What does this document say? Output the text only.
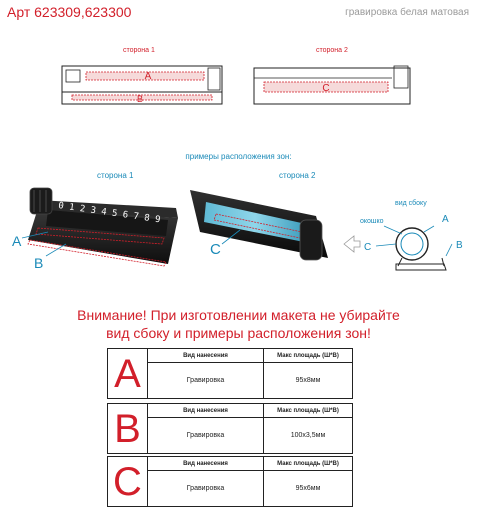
Арт 623309,623300	гравировка белая матовая
сторона 1	сторона 2
A
B
C
примеры расположения зон:
сторона 1	сторона 2
0 1 2 3 4 5 6 7 8 9
A
B
C
вид сбоку
окошко
C
A
B
Внимание! При изготовлении макета не убирайте
вид сбоку и примеры расположения зон!
A	Вид нанесения	Макс площадь (Ш*В)
Гравировка	95х8мм
B	Вид нанесения	Макс площадь (Ш*В)
Гравировка	100х3,5мм
C	Вид нанесения	Макс площадь (Ш*В)
Гравировка	95х6мм
